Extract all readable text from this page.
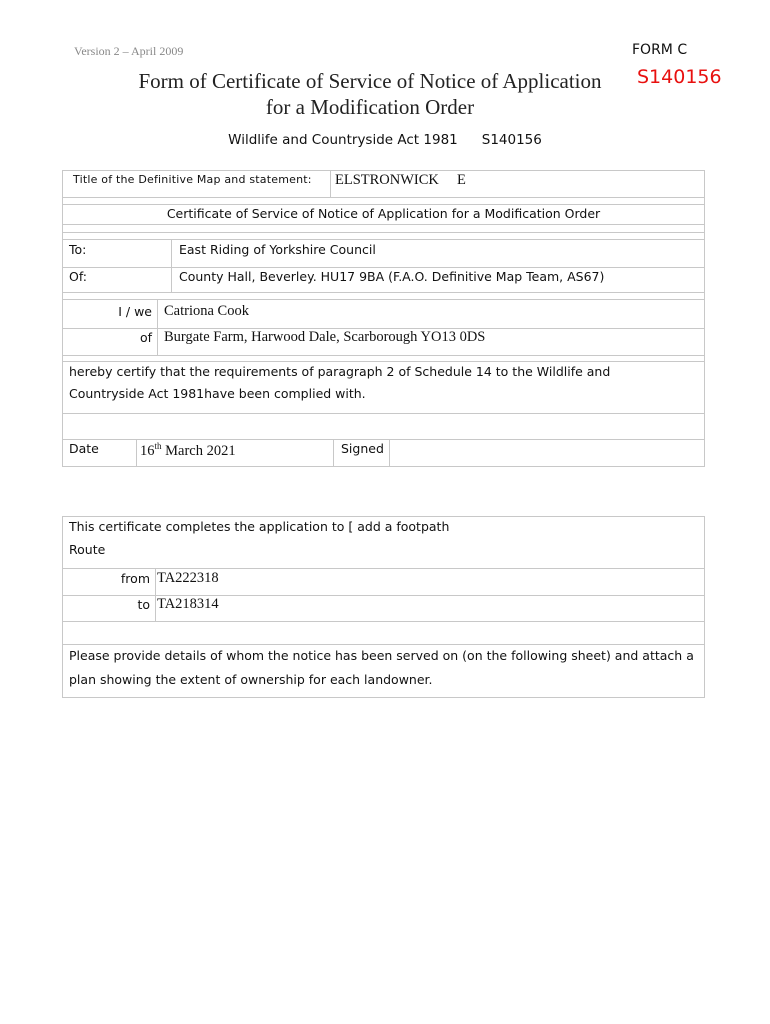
Version 2 – April 2009	FORM C
S140156
Form of Certificate of Service of Notice of Application
for a Modification Order
Wildlife and Countryside Act 1981 S140156
Title of the Definitive Map and statement: ELSTRONWICK     E
Certificate of Service of Notice of Application for a Modification Order
To:	East Riding of Yorkshire Council
Of:	County Hall, Beverley. HU17 9BA (F.A.O. Definitive Map Team, AS67)
I / we Catriona Cook
of Burgate Farm, Harwood Dale, Scarborough YO13 0DS
hereby certify that the requirements of paragraph 2 of Schedule 14 to the Wildlife and
Countryside Act 1981have been complied with.
Date	16th March 2021	Signed
This certificate completes the application to [ add a footpath
Route
from TA222318
to TA218314
Please provide details of whom the notice has been served on (on the following sheet) and attach a
plan showing the extent of ownership for each landowner.
